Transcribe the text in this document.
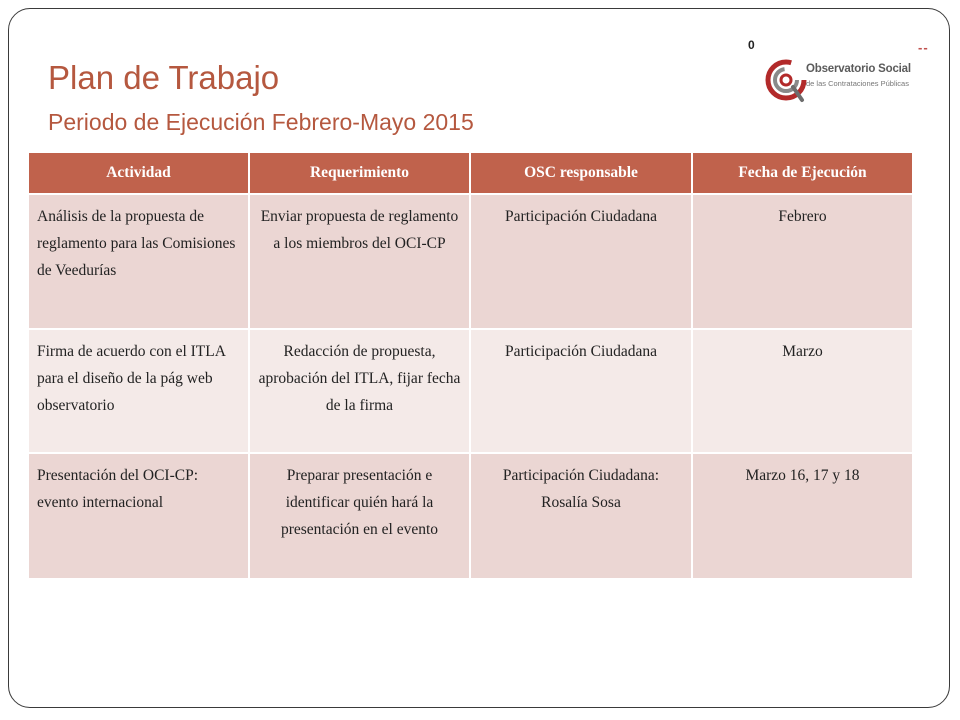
Plan de Trabajo
Periodo de Ejecución Febrero-Mayo 2015
0	--
Observatorio Social
de las Contrataciones Públicas
Actividad	Requerimiento	OSC responsable	Fecha de Ejecución
Análisis de la propuesta de reglamento para las Comisiones de Veedurías	Enviar propuesta de reglamento a los miembros del OCI-CP	Participación Ciudadana	Febrero
Firma de acuerdo con el ITLA para el diseño de la pág web observatorio	Redacción de propuesta, aprobación del ITLA, fijar fecha de la firma	Participación Ciudadana	Marzo
Presentación del OCI-CP: evento internacional	Preparar presentación e identificar quién hará la presentación en el evento	Participación Ciudadana: Rosalía Sosa	Marzo 16, 17 y 18
